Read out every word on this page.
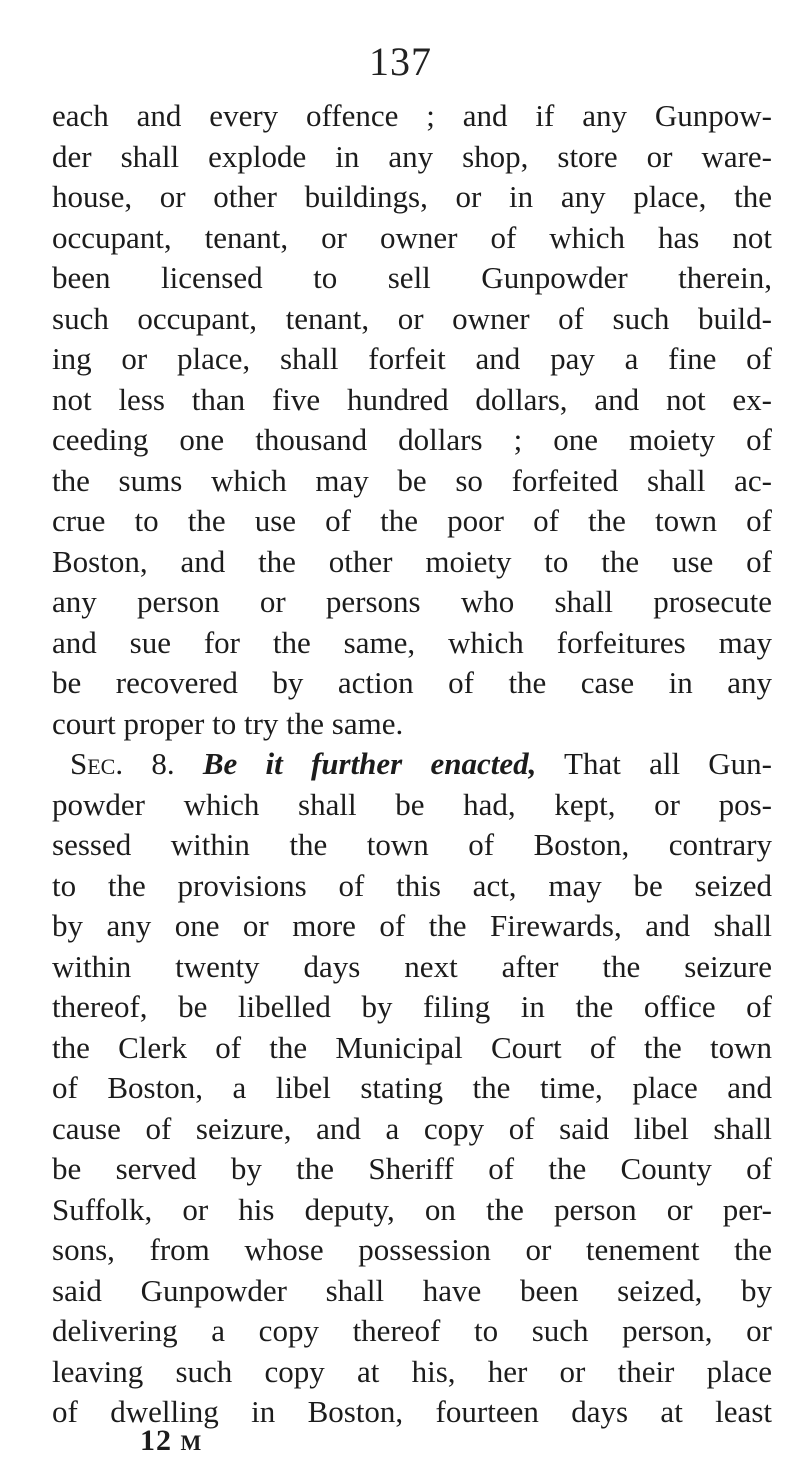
137
each and every offence ; and if any Gunpow-
der shall explode in any shop, store or ware-
house, or other buildings, or in any place, the
occupant, tenant, or owner of which has not
been licensed to sell Gunpowder therein,
such occupant, tenant, or owner of such build-
ing or place, shall forfeit and pay a fine of
not less than five hundred dollars, and not ex-
ceeding one thousand dollars ; one moiety of
the sums which may be so forfeited shall ac-
crue to the use of the poor of the town of
Boston, and the other moiety to the use of
any person or persons who shall prosecute
and sue for the same, which forfeitures may
be recovered by action of the case in any
court proper to try the same.
Sec. 8. Be it further enacted, That all Gun-
powder which shall be had, kept, or pos-
sessed within the town of Boston, contrary
to the provisions of this act, may be seized
by any one or more of the Firewards, and shall
within twenty days next after the seizure
thereof, be libelled by filing in the office of
the Clerk of the Municipal Court of the town
of Boston, a libel stating the time, place and
cause of seizure, and a copy of said libel shall
be served by the Sheriff of the County of
Suffolk, or his deputy, on the person or per-
sons, from whose possession or tenement the
said Gunpowder shall have been seized, by
delivering a copy thereof to such person, or
leaving such copy at his, her or their place
of dwelling in Boston, fourteen days at least
12 M
